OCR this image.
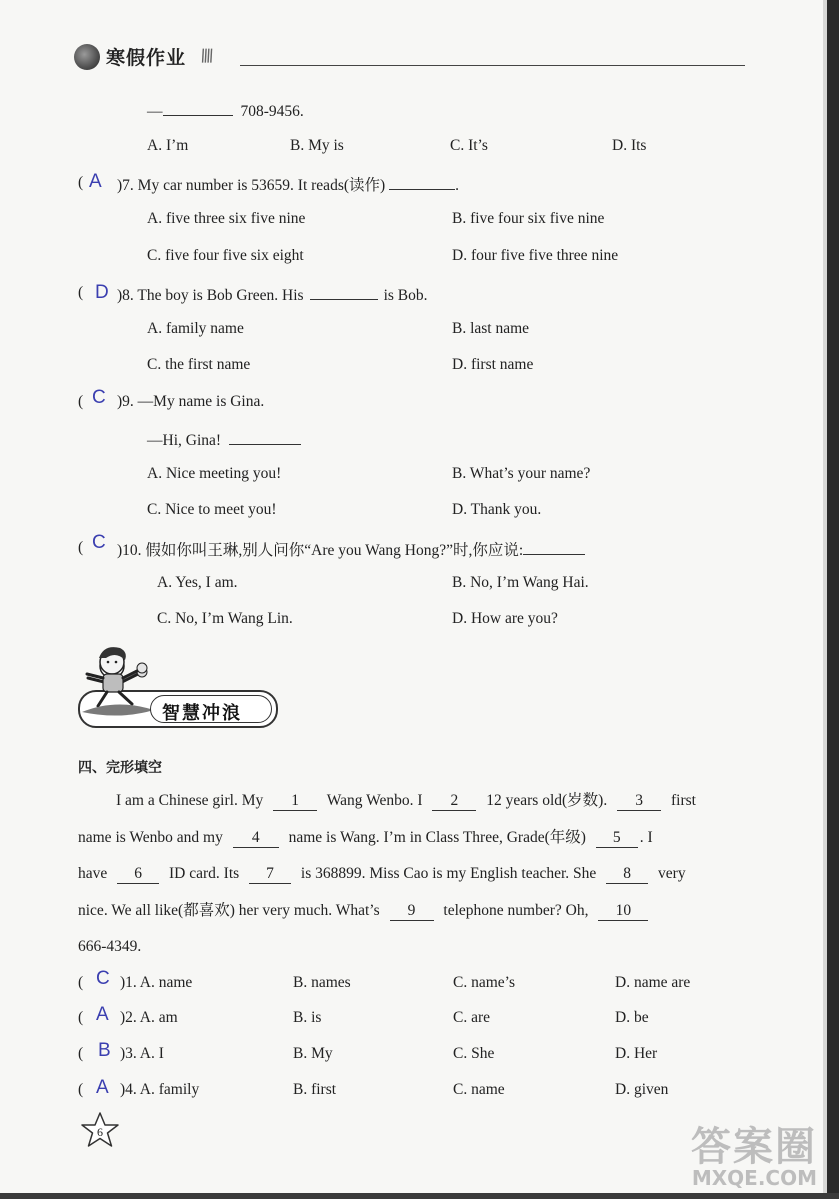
寒假作业 \\\\
—	708-9456.
A. I’m	B. My is	C. It’s	D. Its
( A )7. My car number is 53659. It reads(读作)	.
A. five three six five nine	B. five four six five nine
C. five four five six eight	D. four five five three nine
( D )8. The boy is Bob Green. His	is Bob.
A. family name	B. last name
C. the first name	D. first name
( C )9. —My name is Gina.
—Hi, Gina!
A. Nice meeting you!	B. What’s your name?
C. Nice to meet you!	D. Thank you.
( C )10. 假如你叫王琳,别人问你“Are you Wang Hong?”时,你应说:
A. Yes, I am.	B. No, I’m Wang Hai.
C. No, I’m Wang Lin.	D. How are you?
智慧冲浪
四、完形填空
I am a Chinese girl. My 1 Wang Wenbo. I 2 12 years old(岁数). 3 first
name is Wenbo and my 4 name is Wang. I’m in Class Three, Grade(年级) 5 . I
have 6 ID card. Its 7 is 368899. Miss Cao is my English teacher. She 8 very
nice. We all like(都喜欢) her very much. What’s 9 telephone number? Oh, 10
666-4349.
( C )1. A. name	B. names	C. name’s	D. name are
( A )2. A. am	B. is	C. are	D. be
( B )3. A. I	B. My	C. She	D. Her
( A )4. A. family	B. first	C. name	D. given
6	答案圈
MXQE.COM
